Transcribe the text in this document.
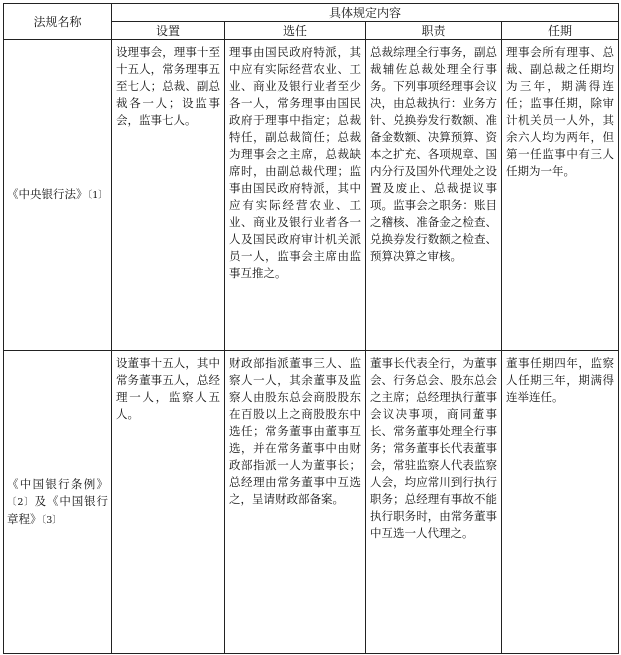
法规名称	具体规定内容			
	设置	选任	职责	任期
《中央银行法》〔1〕	设理事会，理事十至十五人，常务理事五至七人；总裁、副总裁各一人；设监事会，监事七人。	理事由国民政府特派，其中应有实际经营农业、工业、商业及银行业者至少各一人，常务理事由国民政府于理事中指定；总裁特任，副总裁简任；总裁为理事会之主席，总裁缺席时，由副总裁代理；监事由国民政府特派，其中应有实际经营农业、工业、商业及银行业者各一人及国民政府审计机关派员一人，监事会主席由监事互推之。	总裁综理全行事务，副总裁辅佐总裁处理全行事务。下列事项经理事会议决，由总裁执行：业务方针、兑换券发行数额、准备金数额、决算预算、资本之扩充、各项规章、国内分行及国外代理处之设置及废止、总裁提议事项。监事会之职务：账目之稽核、准备金之检查、兑换券发行数额之检查、预算决算之审核。	理事会所有理事、总裁、副总裁之任期均为三年，期满得连任；监事任期，除审计机关员一人外，其余六人均为两年，但第一任监事中有三人任期为一年。
《中国银行条例》〔2〕及《中国银行章程》〔3〕	设董事十五人，其中常务董事五人，总经理一人，监察人五人。	财政部指派董事三人、监察人一人，其余董事及监察人由股东总会商股股东在百股以上之商股股东中选任；常务董事由董事互选，并在常务董事中由财政部指派一人为董事长；总经理由常务董事中互选之，呈请财政部备案。	董事长代表全行，为董事会、行务总会、股东总会之主席；总经理执行董事会议决事项，商同董事长、常务董事处理全行事务；常务董事长代表董事会，常驻监察人代表监察人会，均应常川到行执行职务；总经理有事故不能执行职务时，由常务董事中互选一人代理之。	董事任期四年，监察人任期三年，期满得连举连任。
